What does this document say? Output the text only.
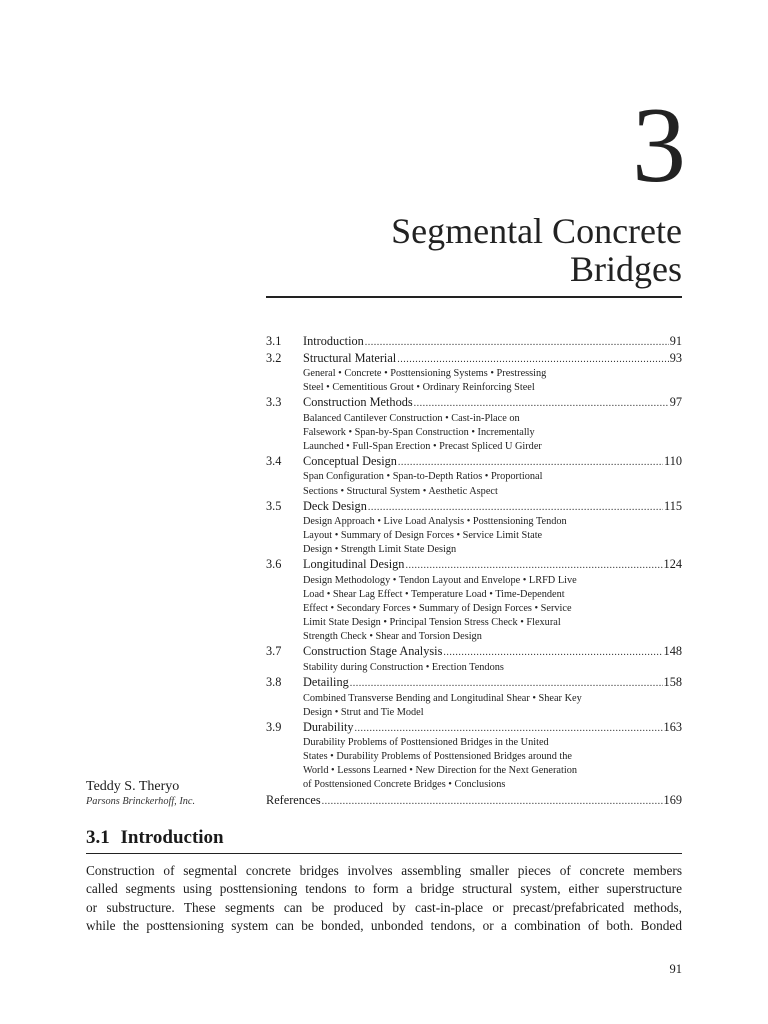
3
Segmental Concrete
Bridges
3.1	Introduction .....	91
3.2	Structural Material .....	93
General • Concrete • Posttensioning Systems • Prestressing
Steel • Cementitious Grout • Ordinary Reinforcing Steel
3.3	Construction Methods .....	97
Balanced Cantilever Construction • Cast-in-Place on
Falsework • Span-by-Span Construction • Incrementally
Launched • Full-Span Erection • Precast Spliced U Girder
3.4	Conceptual Design .....	110
Span Configuration • Span-to-Depth Ratios • Proportional
Sections • Structural System • Aesthetic Aspect
3.5	Deck Design .....	115
Design Approach • Live Load Analysis • Posttensioning Tendon
Layout • Summary of Design Forces • Service Limit State
Design • Strength Limit State Design
3.6	Longitudinal Design .....	124
Design Methodology • Tendon Layout and Envelope • LRFD Live
Load • Shear Lag Effect • Temperature Load • Time-Dependent
Effect • Secondary Forces • Summary of Design Forces • Service
Limit State Design • Principal Tension Stress Check • Flexural
Strength Check • Shear and Torsion Design
3.7	Construction Stage Analysis .....	148
Stability during Construction • Erection Tendons
3.8	Detailing .....	158
Combined Transverse Bending and Longitudinal Shear • Shear Key
Design • Strut and Tie Model
3.9	Durability .....	163
Durability Problems of Posttensioned Bridges in the United
States • Durability Problems of Posttensioned Bridges around the
World • Lessons Learned • New Direction for the Next Generation
of Posttensioned Concrete Bridges • Conclusions
References .....	169
Teddy S. Theryo
Parsons Brinckerhoff, Inc.
3.1 Introduction
Construction of segmental concrete bridges involves assembling smaller pieces of concrete members
called segments using posttensioning tendons to form a bridge structural system, either superstructure
or substructure. These segments can be produced by cast-in-place or precast/prefabricated methods,
while the posttensioning system can be bonded, unbonded tendons, or a combination of both. Bonded
91
